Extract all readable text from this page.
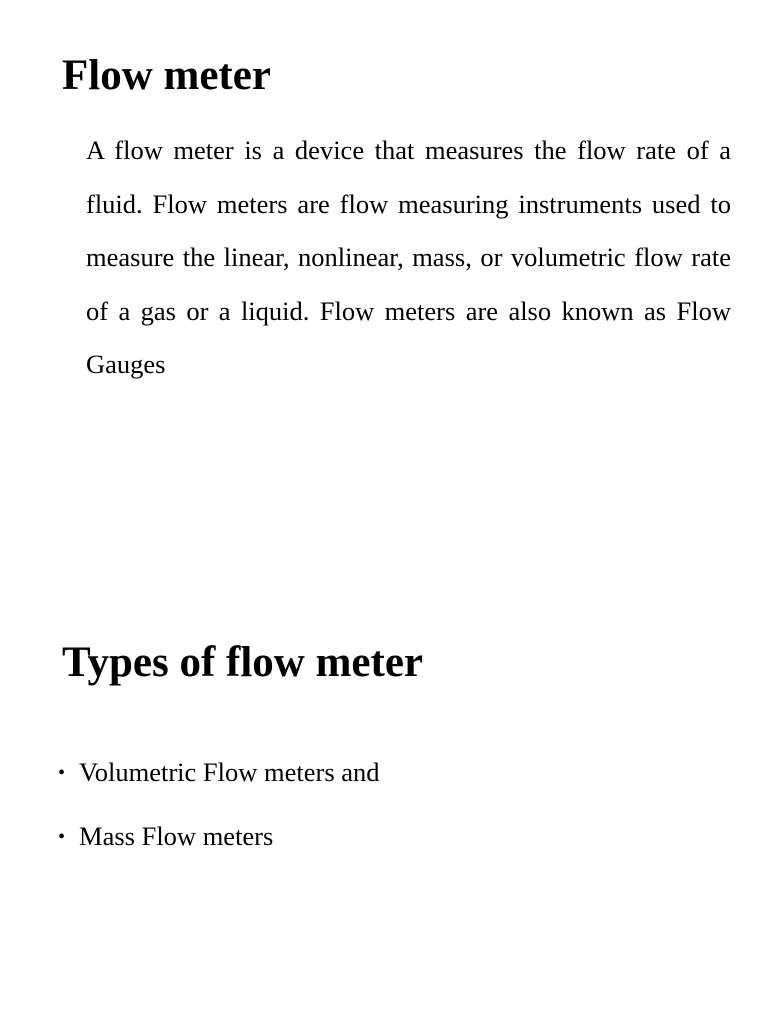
Flow meter

A flow meter is a device that measures the flow rate of a fluid. Flow meters are flow measuring instruments used to measure the linear, nonlinear, mass, or volumetric flow rate of a gas or a liquid. Flow meters are also known as Flow Gauges

Types of flow meter
• Volumetric Flow meters and
• Mass Flow meters
